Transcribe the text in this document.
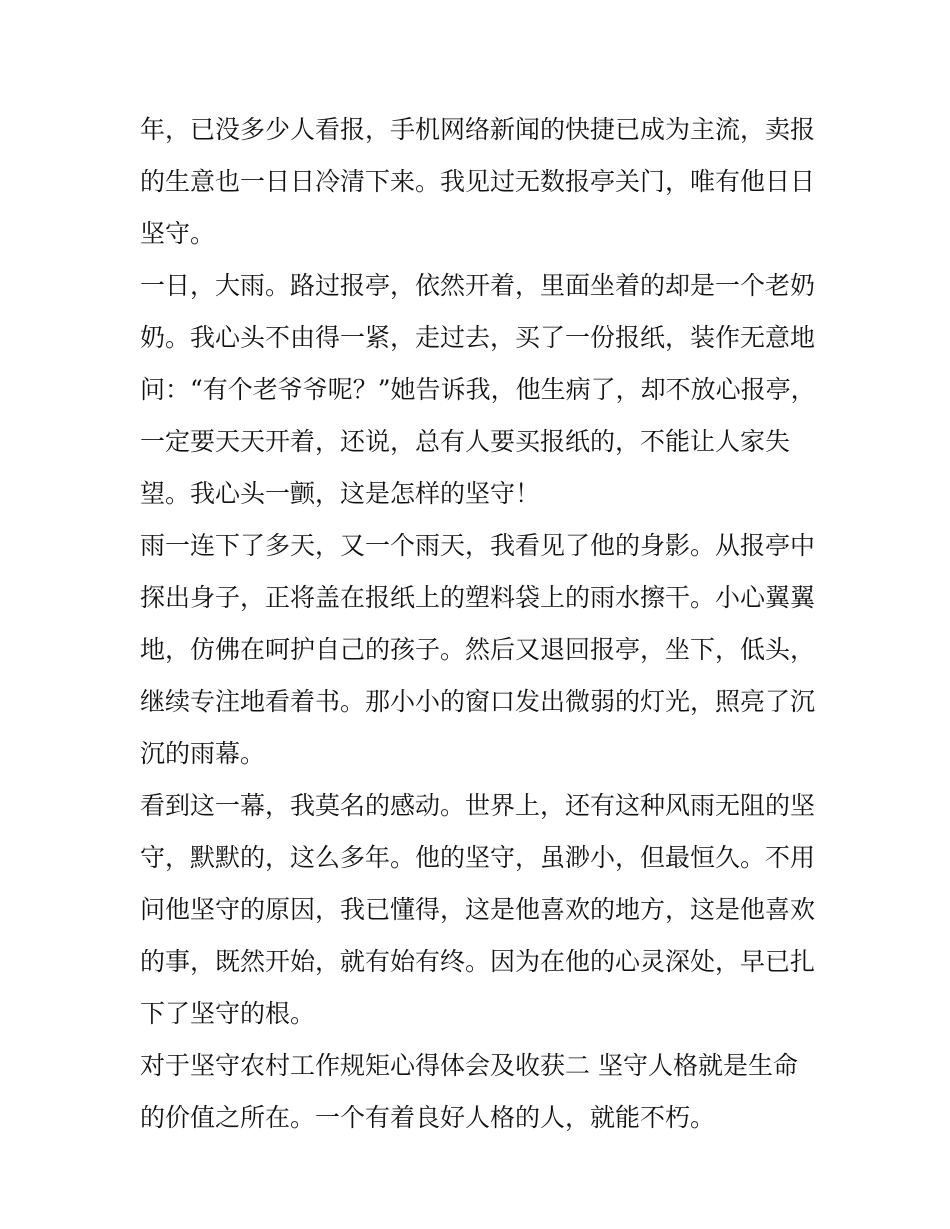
年，已没多少人看报，手机网络新闻的快捷已成为主流，卖报
的生意也一日日冷清下来。我见过无数报亭关门，唯有他日日
坚守。
一日，大雨。路过报亭，依然开着，里面坐着的却是一个老奶
奶。我心头不由得一紧，走过去，买了一份报纸，装作无意地
问：“有个老爷爷呢？”她告诉我，他生病了，却不放心报亭，
一定要天天开着，还说，总有人要买报纸的，不能让人家失
望。我心头一颤，这是怎样的坚守！
雨一连下了多天，又一个雨天，我看见了他的身影。从报亭中
探出身子，正将盖在报纸上的塑料袋上的雨水擦干。小心翼翼
地，仿佛在呵护自己的孩子。然后又退回报亭，坐下，低头，
继续专注地看着书。那小小的窗口发出微弱的灯光，照亮了沉
沉的雨幕。
看到这一幕，我莫名的感动。世界上，还有这种风雨无阻的坚
守，默默的，这么多年。他的坚守，虽渺小，但最恒久。不用
问他坚守的原因，我已懂得，这是他喜欢的地方，这是他喜欢
的事，既然开始，就有始有终。因为在他的心灵深处，早已扎
下了坚守的根。
对于坚守农村工作规矩心得体会及收获二 坚守人格就是生命
的价值之所在。一个有着良好人格的人，就能不朽。
